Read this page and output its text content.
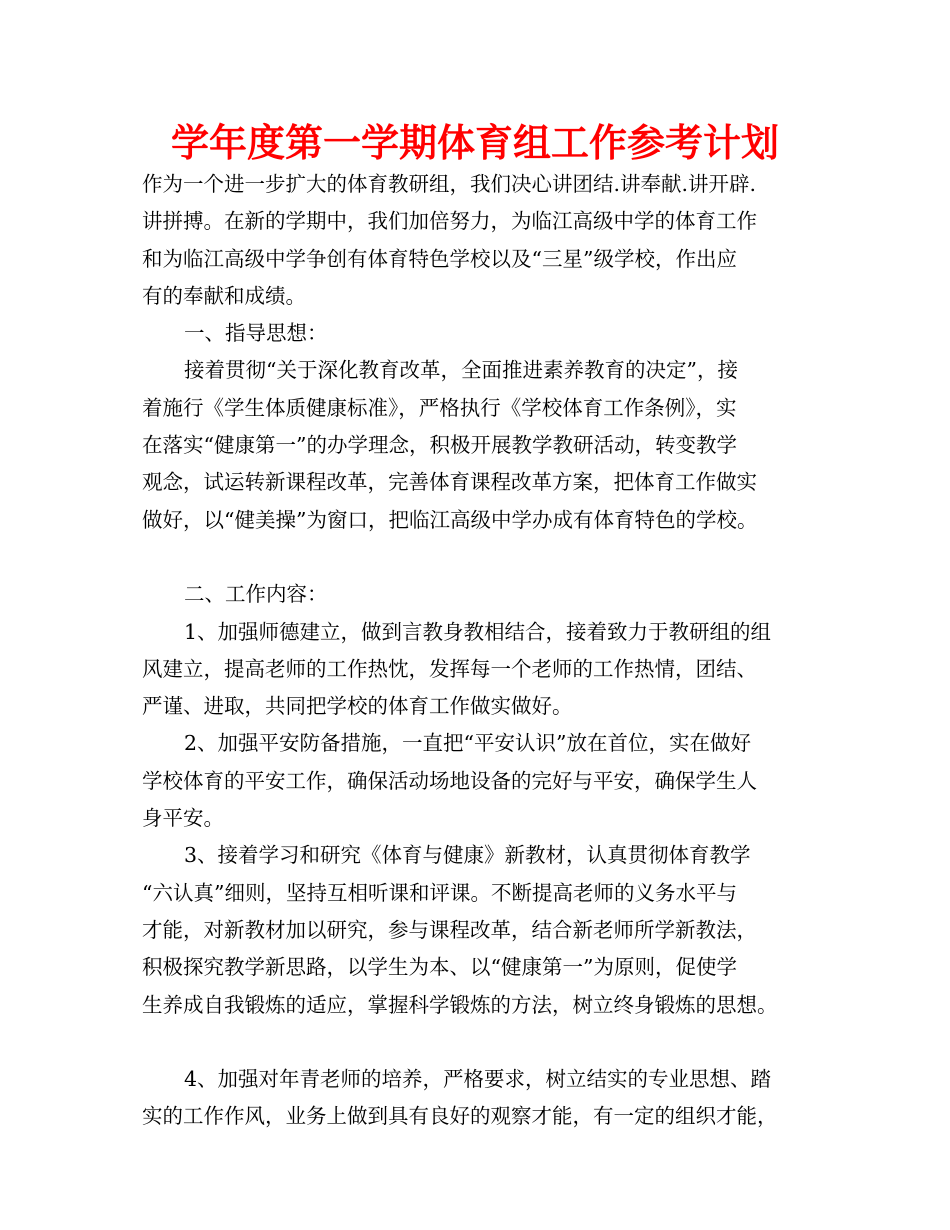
学年度第一学期体育组工作参考计划
作为一个进一步扩大的体育教研组，我们决心讲团结.讲奉献.讲开辟.
讲拼搏。在新的学期中，我们加倍努力，为临江高级中学的体育工作
和为临江高级中学争创有体育特色学校以及“三星”级学校，作出应
有的奉献和成绩。
一、指导思想：
接着贯彻“关于深化教育改革，全面推进素养教育的决定”，接
着施行《学生体质健康标准》，严格执行《学校体育工作条例》，实
在落实“健康第一”的办学理念，积极开展教学教研活动，转变教学
观念，试运转新课程改革，完善体育课程改革方案，把体育工作做实
做好，以“健美操”为窗口，把临江高级中学办成有体育特色的学校。
二、工作内容：
1、加强师德建立，做到言教身教相结合，接着致力于教研组的组
风建立，提高老师的工作热忱，发挥每一个老师的工作热情，团结、
严谨、进取，共同把学校的体育工作做实做好。
2、加强平安防备措施，一直把“平安认识”放在首位，实在做好
学校体育的平安工作，确保活动场地设备的完好与平安，确保学生人
身平安。
3、接着学习和研究《体育与健康》新教材，认真贯彻体育教学
“六认真”细则，坚持互相听课和评课。不断提高老师的义务水平与
才能，对新教材加以研究，参与课程改革，结合新老师所学新教法，
积极探究教学新思路，以学生为本、以“健康第一”为原则，促使学
生养成自我锻炼的适应，掌握科学锻炼的方法，树立终身锻炼的思想。
4、加强对年青老师的培养，严格要求，树立结实的专业思想、踏
实的工作作风，业务上做到具有良好的观察才能，有一定的组织才能，
